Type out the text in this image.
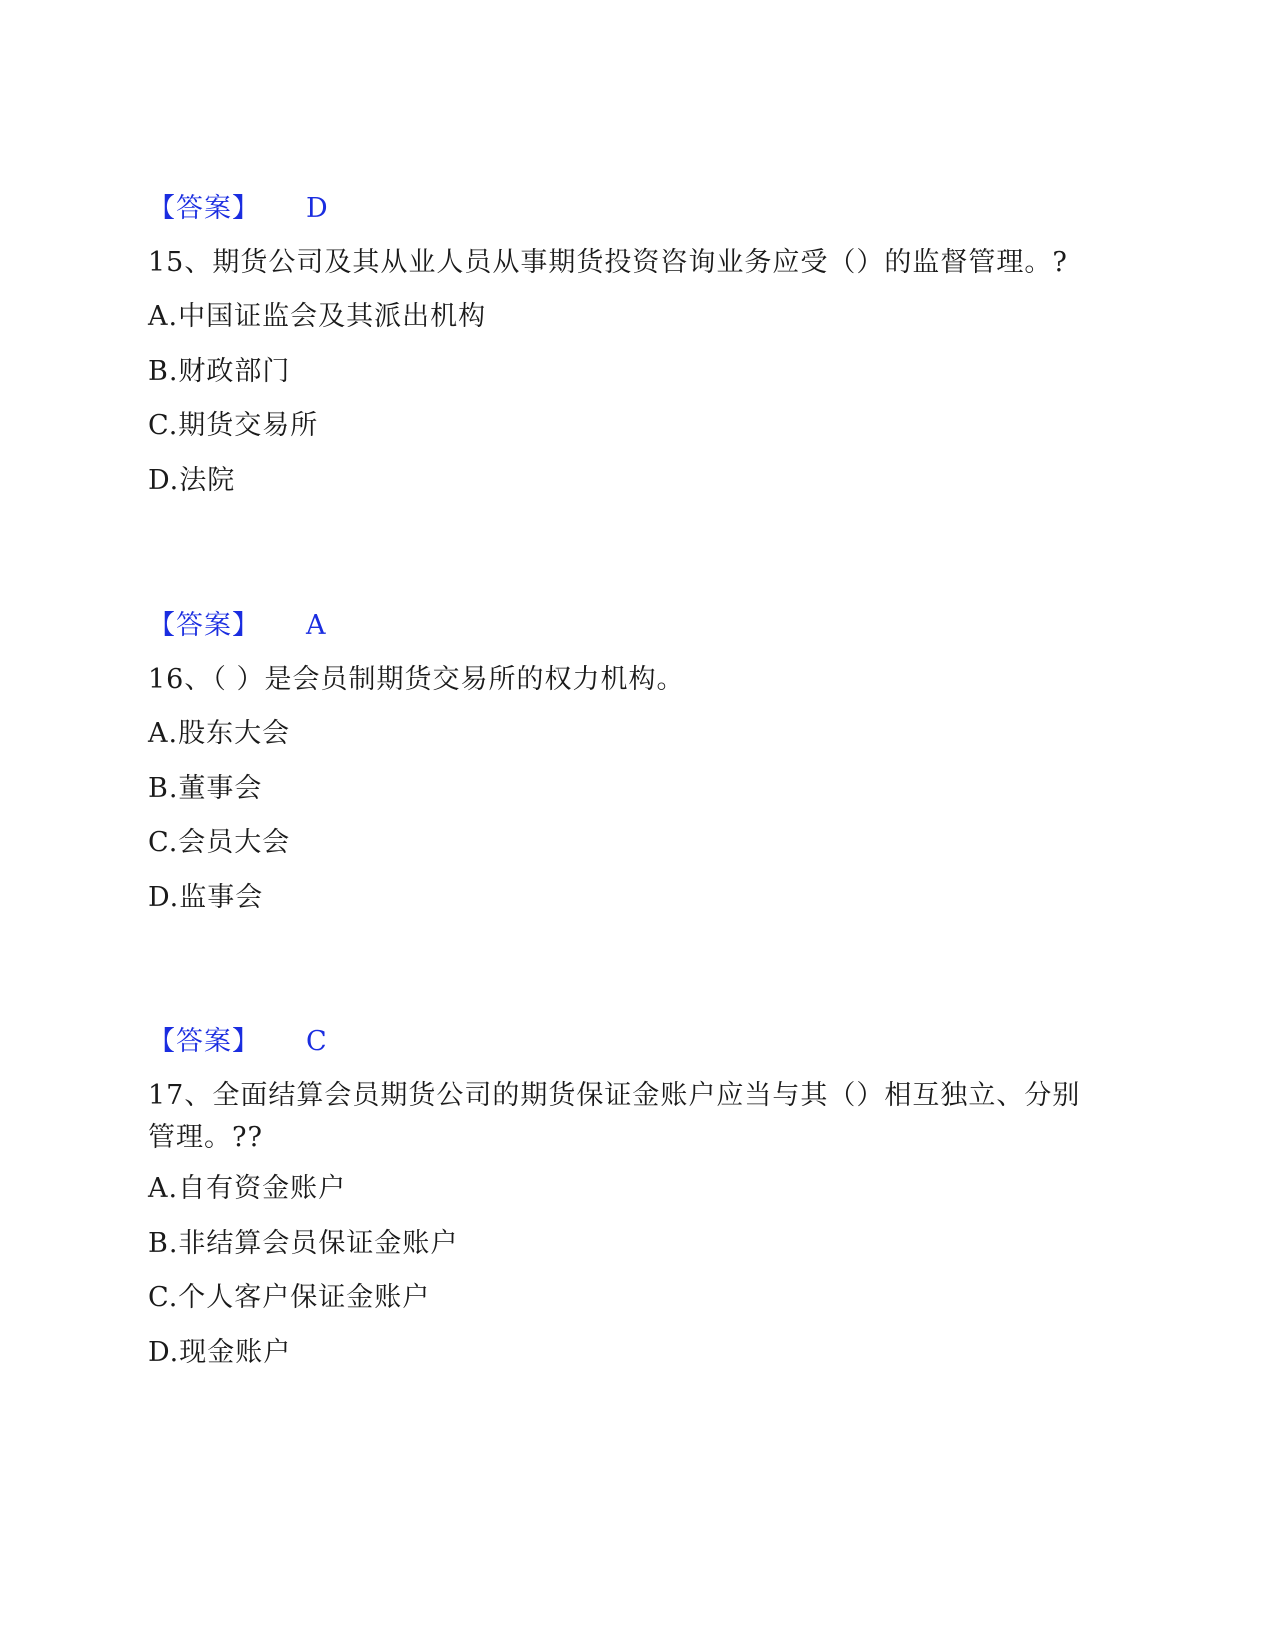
【答案】 D
15、期货公司及其从业人员从事期货投资咨询业务应受（）的监督管理。?
A.中国证监会及其派出机构
B.财政部门
C.期货交易所
D.法院
【答案】 A
16、（ ）是会员制期货交易所的权力机构。
A.股东大会
B.董事会
C.会员大会
D.监事会
【答案】 C
17、全面结算会员期货公司的期货保证金账户应当与其（）相互独立、分别管理。??
A.自有资金账户
B.非结算会员保证金账户
C.个人客户保证金账户
D.现金账户
